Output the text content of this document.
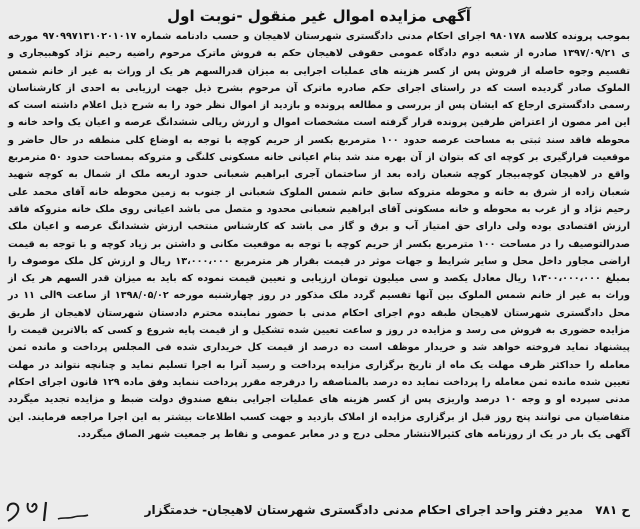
آگهی مزایده اموال غیر منقول -نوبت اول

بموجب پرونده کلاسه ۹۸۰۱۷۸ اجرای احکام مدنی دادگستری شهرستان لاهیجان و حسب دادنامه شماره ۹۷۰۹۹۷۱۳۱۰۲۰۱۰۱۷ مورخه ی ۱۳۹۷/۰۹/۲۱ صادره از شعبه دوم دادگاه عمومی حقوقی لاهیجان حکم به فروش ماترک مرحوم راضیه رحیم نژاد کوهبیجاری و تقسیم وجوه حاصله از فروش پس از کسر هزینه های عملیات اجرایی به میزان قدرالسهم هر یک از وراث به غیر از خانم شمس الملوک صادر گردیده است که در راستای اجرای حکم صادره ماترک آن مرحوم بشرح ذیل جهت ارزیابی به احدی از کارشناسان رسمی دادگستری ارجاع که ایشان پس از بررسی و مطالعه پرونده و بازدید از اموال نظر خود را به شرح ذیل اعلام داشته است که این امر مصون از اعتراض طرفین پرونده قرار گرفته است مشخصات اموال و ارزش ریالی ششدانگ عرصه و اعیان یک واحد خانه و محوطه فاقد سند ثبتی به مساحت عرصه حدود ۱۰۰ مترمربع بکسر از حریم کوچه با توجه به اوضاع کلی منطقه در حال حاضر و موقعیت قرارگیری بر کوچه ای که بتوان از آن بهره مند شد بنام اعیانی خانه مسکونی کلنگی و متروکه بمساحت حدود ۵۰ مترمربع واقع در لاهیجان کوچه‌بیجار کوچه شعبان زاده بعد از ساختمان آجری ابراهیم شعبانی حدود اربعه ملک از شمال به کوچه شهید شعبان زاده از شرق به خانه و محوطه متروکه سابق خانم شمس الملوک شعبانی از جنوب به زمین محوطه خانه آقای محمد علی رحیم نژاد و از غرب به محوطه و خانه مسکونی آقای ابراهیم شعبانی محدود و متصل می باشد اعیانی روی ملک خانه متروکه فاقد ارزش اقتصادی بوده ولی دارای حق امتیاز آب و برق و گاز می باشد که کارشناس منتخب ارزش ششدانگ عرصه و اعیان ملک صدرالتوصیف را در مساحت ۱۰۰ مترمربع بکسر از حریم کوچه با توجه به موقعیت مکانی و داشتن بر زیاد کوچه و با توجه به قیمت اراضی مجاور داخل محل و سایر شرایط و جهات موثر در قیمت بقرار هر مترمربع ۱۳،۰۰۰،۰۰۰ ریال و ارزش کل ملک موصوف را بمبلغ ۱،۳۰۰،۰۰۰،۰۰۰ ریال معادل یکصد و سی میلیون تومان ارزیابی و تعیین قیمت نموده که باید به میزان قدر السهم هر یک از وراث به غیر از خانم شمس الملوک بین آنها تقسیم گردد ملک مذکور در روز چهارشنبه مورخه ۱۳۹۸/۰۵/۰۲ از ساعت ۹الی ۱۱ در محل دادگستری شهرستان لاهیجان طبقه دوم اجرای احکام مدنی با حضور نماینده محترم دادستان شهرستان لاهیجان از طریق مزایده حضوری به فروش می رسد و مزایده در روز و ساعت تعیین شده تشکیل و از قیمت پایه شروع و کسی که بالاترین قیمت را پیشنهاد نماید فروخته خواهد شد و خریدار موظف است ده درصد از قیمت کل خریداری شده فی المجلس پرداخت و مانده ثمن معامله را حداکثر ظرف مهلت یک ماه از تاریخ برگزاری مزایده پرداخت و رسید آنرا به اجرا تسلیم نماید و چنانچه نتواند در مهلت تعیین شده مانده ثمن معامله را پرداخت نماید ده درصد بالمناصفه را درفرجه مقرر پرداخت ننماید وفق ماده ۱۲۹ قانون اجرای احکام مدنی سپرده او و وجه ۱۰ درصد واریزی پس از کسر هزینه های عملیات اجرایی بنفع صندوق دولت ضبط و مزایده تجدید میگردد متقاضیان می توانند پنج روز قبل از برگزاری مزایده از املاک بازدید و جهت کسب اطلاعات بیشتر به این اجرا مراجعه فرمایند. این آگهی یک بار در یک از روزنامه های کثیرالانتشار محلی درج و در معابر عمومی و نقاط پر جمعیت شهر الصاق میگردد.

ح ۷۸۱ مدیر دفتر واحد اجرای احکام مدنی دادگستری شهرستان لاهیجان- خدمتگزار
